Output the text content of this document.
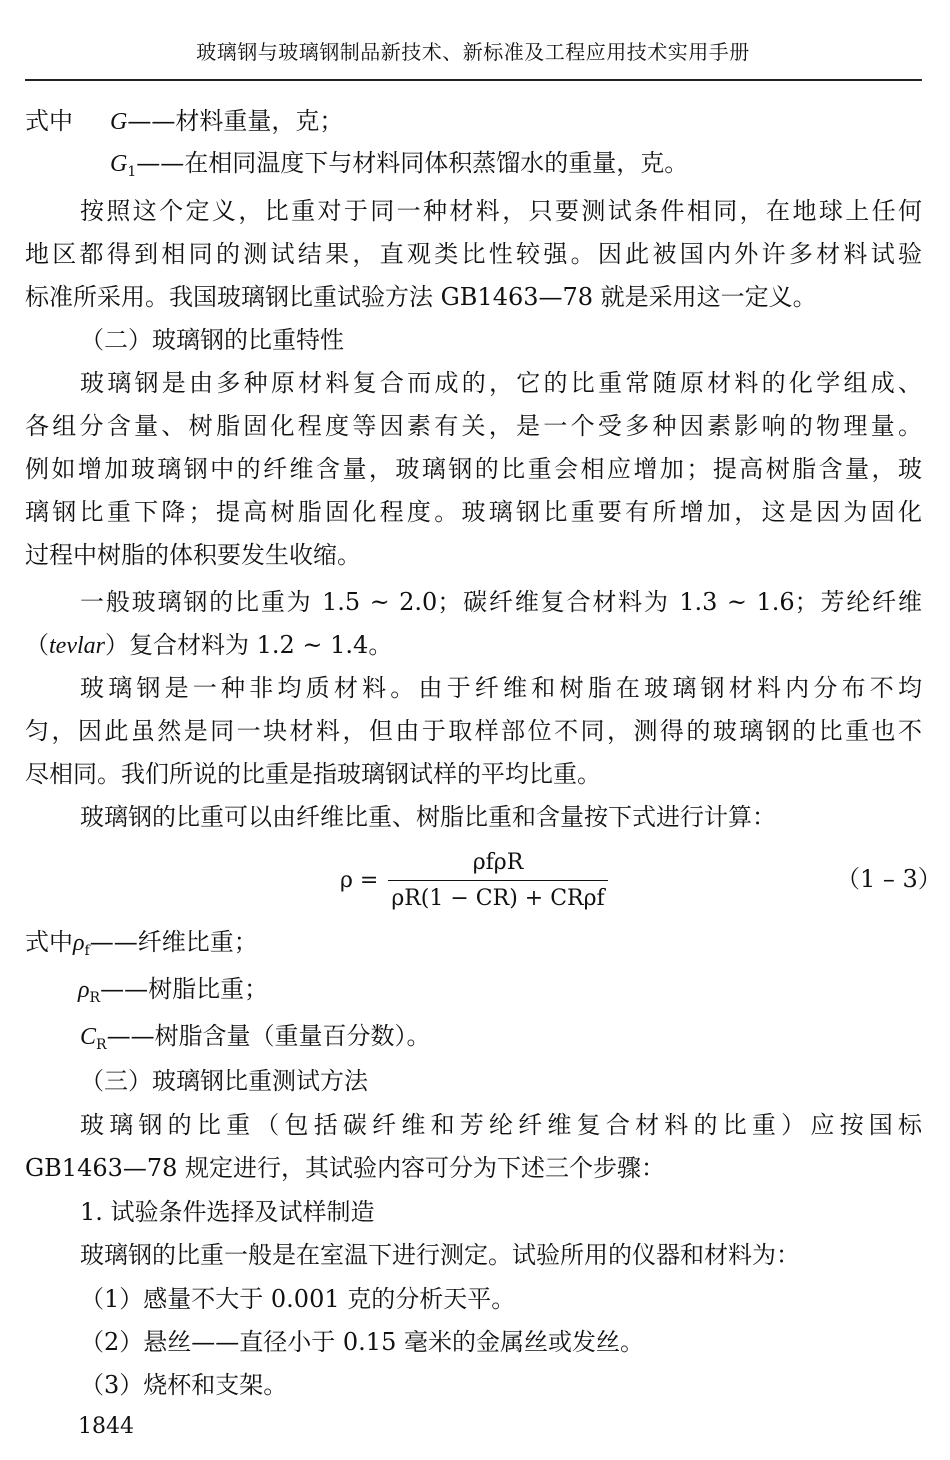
玻璃钢与玻璃钢制品新技术、新标准及工程应用技术实用手册
式中 G——材料重量，克；
$G_1——$在相同温度下与材料同体积蒸馏水的重量，克。
按照这个定义，比重对于同一种材料，只要测试条件相同，在地球上任何
地区都得到相同的测试结果，直观类比性较强。因此被国内外许多材料试验
标准所采用。我国玻璃钢比重试验方法 GB1463—78 就是采用这一定义。
（二）玻璃钢的比重特性
玻璃钢是由多种原材料复合而成的，它的比重常随原材料的化学组成、
各组分含量、树脂固化程度等因素有关，是一个受多种因素影响的物理量。
例如增加玻璃钢中的纤维含量，玻璃钢的比重会相应增加；提高树脂含量，玻
璃钢比重下降；提高树脂固化程度。玻璃钢比重要有所增加，这是因为固化
过程中树脂的体积要发生收缩。
一般玻璃钢的比重为 1.5 ~ 2.0；碳纤维复合材料为 1.3 ~ 1.6；芳纶纤维
（tevlar）复合材料为 1.2 ~ 1.4。
玻璃钢是一种非均质材料。由于纤维和树脂在玻璃钢材料内分布不均
匀，因此虽然是同一块材料，但由于取样部位不同，测得的玻璃钢的比重也不
尽相同。我们所说的比重是指玻璃钢试样的平均比重。
玻璃钢的比重可以由纤维比重、树脂比重和含量按下式进行计算：
ρ =
ρfρR
ρR(1 − CR) + CRρf
（1 – 3）
式中$\rho_f——$纤维比重；
$\rho_R——$树脂比重；
$C_R——$树脂含量（重量百分数）。
（三）玻璃钢比重测试方法
玻璃钢的比重（包括碳纤维和芳纶纤维复合材料的比重）应按国标
GB1463—78 规定进行，其试验内容可分为下述三个步骤：
1. 试验条件选择及试样制造
玻璃钢的比重一般是在室温下进行测定。试验所用的仪器和材料为：
（1）感量不大于 0.001 克的分析天平。
（2）悬丝——直径小于 0.15 毫米的金属丝或发丝。
（3）烧杯和支架。
1844
